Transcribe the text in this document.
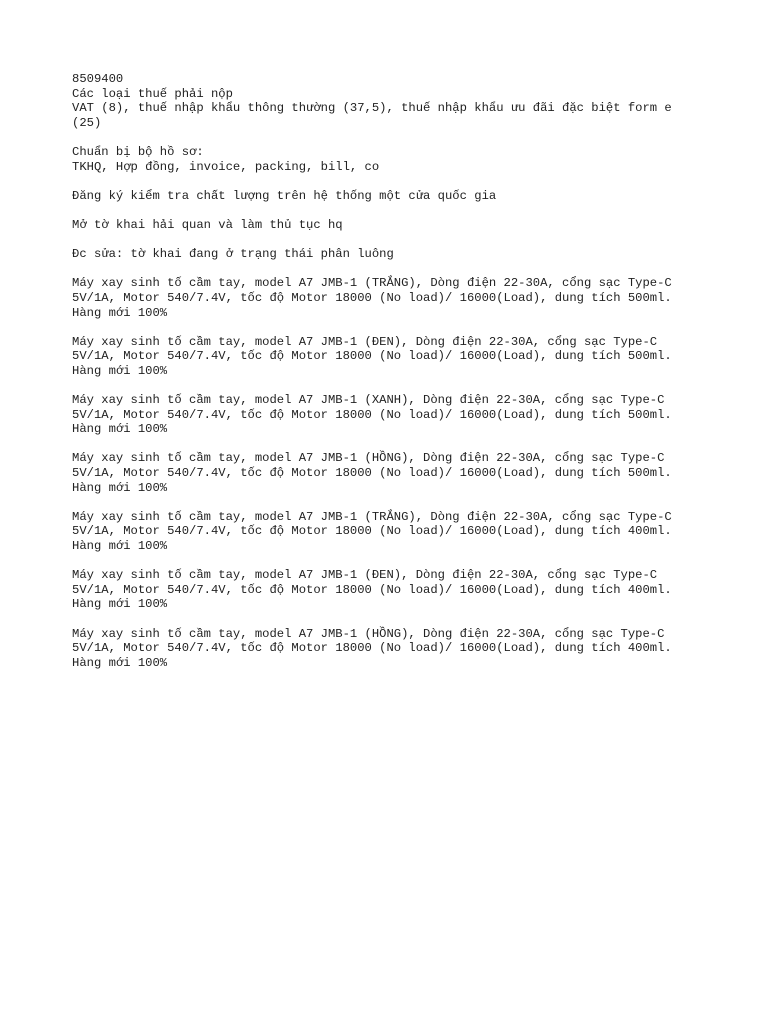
8509400
Các loại thuế phải nộp
VAT (8), thuế nhập khẩu thông thường (37,5), thuế nhập khẩu ưu đãi đặc biệt form e
(25)
Chuẩn bị bộ hồ sơ:
TKHQ, Hợp đồng, invoice, packing, bill, co
Đăng ký kiểm tra chất lượng trên hệ thống một cửa quốc gia
Mở tờ khai hải quan và làm thủ tục hq
Đc sửa: tờ khai đang ở trạng thái phân luông
Máy xay sinh tố cầm tay, model A7 JMB-1 (TRẮNG), Dòng điện 22-30A, cổng sạc Type-C
5V/1A, Motor 540/7.4V, tốc độ Motor 18000 (No load)/ 16000(Load), dung tích 500ml.
Hàng mới 100%
Máy xay sinh tố cầm tay, model A7 JMB-1 (ĐEN), Dòng điện 22-30A, cổng sạc Type-C
5V/1A, Motor 540/7.4V, tốc độ Motor 18000 (No load)/ 16000(Load), dung tích 500ml.
Hàng mới 100%
Máy xay sinh tố cầm tay, model A7 JMB-1 (XANH), Dòng điện 22-30A, cổng sạc Type-C
5V/1A, Motor 540/7.4V, tốc độ Motor 18000 (No load)/ 16000(Load), dung tích 500ml.
Hàng mới 100%
Máy xay sinh tố cầm tay, model A7 JMB-1 (HỒNG), Dòng điện 22-30A, cổng sạc Type-C
5V/1A, Motor 540/7.4V, tốc độ Motor 18000 (No load)/ 16000(Load), dung tích 500ml.
Hàng mới 100%
Máy xay sinh tố cầm tay, model A7 JMB-1 (TRẮNG), Dòng điện 22-30A, cổng sạc Type-C
5V/1A, Motor 540/7.4V, tốc độ Motor 18000 (No load)/ 16000(Load), dung tích 400ml.
Hàng mới 100%
Máy xay sinh tố cầm tay, model A7 JMB-1 (ĐEN), Dòng điện 22-30A, cổng sạc Type-C
5V/1A, Motor 540/7.4V, tốc độ Motor 18000 (No load)/ 16000(Load), dung tích 400ml.
Hàng mới 100%
Máy xay sinh tố cầm tay, model A7 JMB-1 (HỒNG), Dòng điện 22-30A, cổng sạc Type-C
5V/1A, Motor 540/7.4V, tốc độ Motor 18000 (No load)/ 16000(Load), dung tích 400ml.
Hàng mới 100%
